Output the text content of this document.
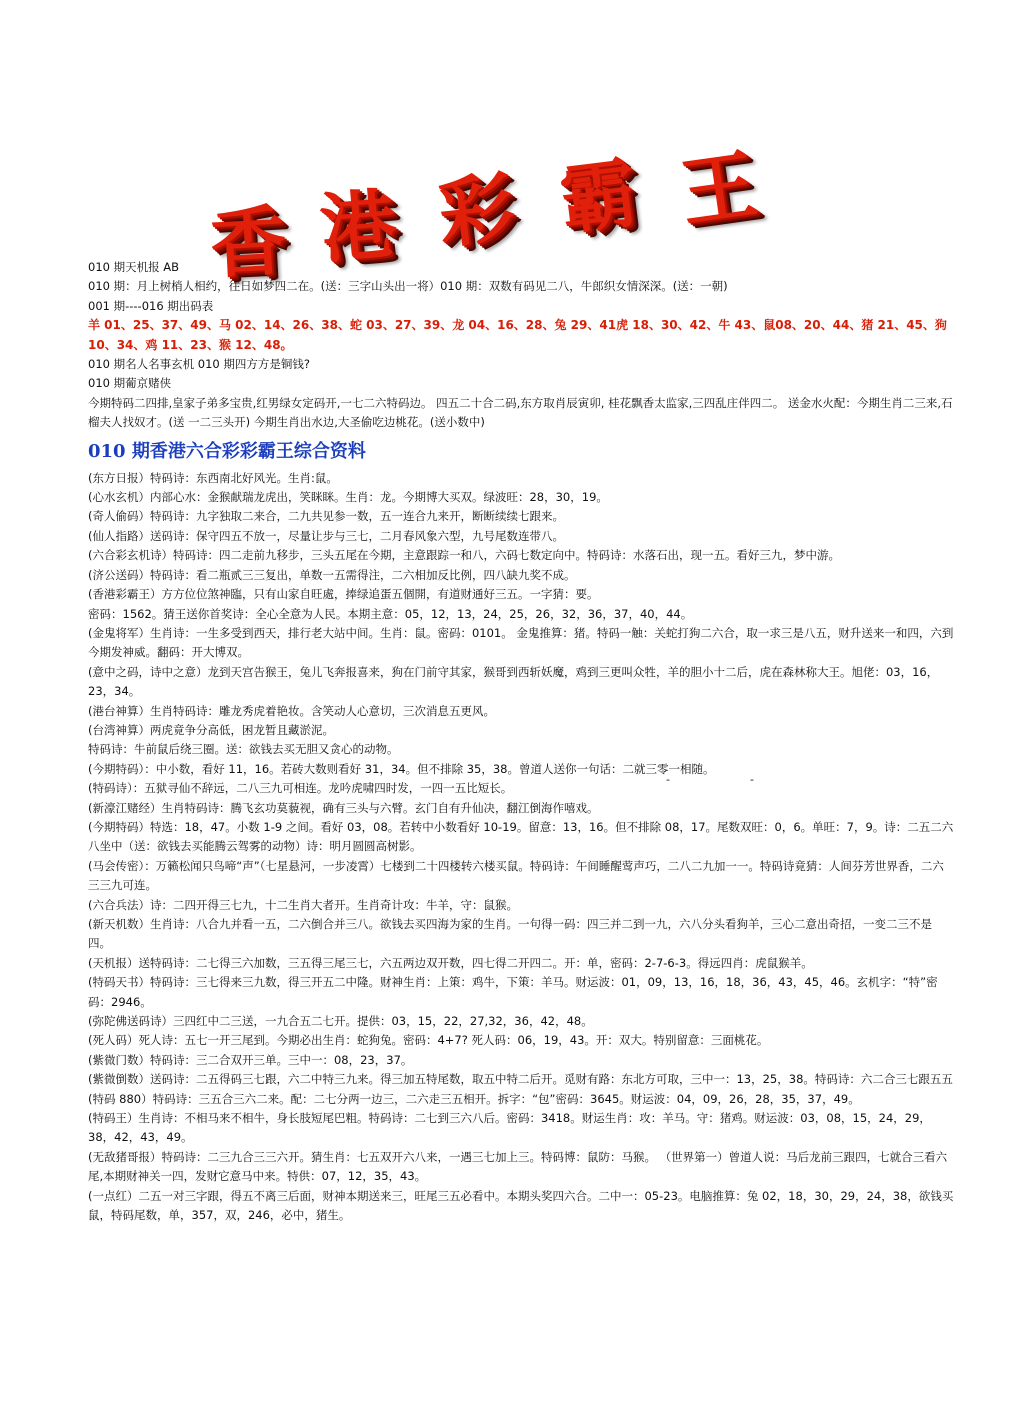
香 港 彩 霸 王
010 期天机报 AB
010 期：月上树梢人相约，往日如梦四二在。(送：三字山头出一将）010 期：双数有码见二八，牛郎织女情深深。(送：一朝)
001 期----016 期出码表
羊 01、25、37、49、马 02、14、26、38、蛇 03、27、39、龙 04、16、28、兔 29、41虎 18、30、42、牛 43、鼠08、20、44、猪 21、45、狗 10、34、鸡 11、23、猴 12、48。
010 期名人名事玄机 010 期四方方是铜钱?
010 期葡京赌侠
今期特码二四排,皇家子弟多宝贵,红男绿女定码开,一七二六特码边。 四五二十合二码,东方取肖辰寅卯, 桂花飘香太监家,三四乱庄伴四二。 送金水火配：今期生肖二三来,石榴夫人找奴才。(送 一二三头开) 今期生肖出水边,大圣偷吃边桃花。(送小数中)
010 期香港六合彩彩霸王综合资料
(东方日报）特码诗：东西南北好风光。生肖:鼠。
(心水玄机）内部心水：金猴献瑞龙虎出，笑眯眯。生肖：龙。今期博大买双。绿波旺：28，30，19。
(奇人偷码）特码诗：九字独取二来合，二九共见参一数，五一连合九来开，断断续续七跟来。
(仙人指路）送码诗：保守四五不放一，尽量让步与三七，二月春风象六型，九号尾数连带八。
(六合彩玄机诗）特码诗：四二走前九移步，三头五尾在今期，主意跟踪一和八，六码七数定向中。特码诗：水落石出，现一五。看好三九，梦中游。
(济公送码）特码诗：看二瓶贰三三复出，单数一五需得注，二六相加反比例，四八缺九奖不成。
(香港彩霸王）方方位位煞神臨，只有山家自旺處，捧绿追蛋五個開，有道财通好三五。一字猜：要。
密码：1562。猜王送你首奖诗：全心全意为人民。本期主意：05，12，13，24，25，26，32，36，37，40，44。
(金鬼将军）生肖诗：一生多受到西天，排行老大站中间。生肖：鼠。密码：0101。 金鬼推算：猪。特码一触：关蛇打狗二六合，取一求三是八五，财升送来一和四，六到今期发神威。翻码：开大博双。
(意中之码，诗中之意）龙到天宫告猴王，兔儿飞奔报喜来，狗在门前守其家，猴哥到西斩妖魔，鸡到三更叫众牲，羊的胆小十二后，虎在森林称大王。旭佬：03，16，23，34。
(港台神算）生肖特码诗：雕龙秀虎着艳妆。含笑动人心意切，三次消息五更风。
(台湾神算）两虎竟争分高低，困龙暂且藏淤泥。
特码诗：牛前鼠后绕三圈。送：欲钱去买无胆又贪心的动物。
(今期特码）：中小数，看好 11，16。若砖大数则看好 31，34。但不排除 35，38。曾道人送你一句话：二就三零一相随。
(特码诗）：五狱寻仙不辞远，二八三九可相连。龙吟虎啸四时发，一四一五比短长。
(新濠江赌经）生肖特码诗：腾飞玄功莫藐视，确有三头与六臂。玄门自有升仙决，翻江倒海作嘻戏。
(今期特码）特选：18，47。小数 1-9 之间。看好 03，08。若转中小数看好 10-19。留意：13，16。但不排除 08，17。尾数双旺：0，6。单旺：7，9。诗：二五二六八坐中（送：欲钱去买能腾云驾雾的动物）诗：明月圆圆高树影。
(马会传密）：万籁松闻只鸟啼“声”（七星悬河，一步凌霄）七楼到二十四楼转六楼买鼠。特码诗：午间睡醒莺声巧，二八二九加一一。特码诗竟猜：人间芬芳世界香，二六三三九可连。
(六合兵法）诗：二四开得三七九，十二生肖大者开。生肖奇计攻：牛羊，守：鼠猴。
(新天机数）生肖诗：八合九并看一五，二六倒合并三八。欲钱去买四海为家的生肖。一句得一码：四三并二到一九，六八分头看狗羊，三心二意出奇招，一变二三不是四。
(天机报）送特码诗：二七得三六加数，三五得三尾三七，六五两边双开数，四七得二开四二。开：单，密码：2-7-6-3。得远四肖：虎鼠猴羊。
(特码天书）特码诗：三七得来三九数，得三开五二中隆。财神生肖：上策：鸡牛，下策：羊马。财运波：01，09，13，16，18，36，43，45，46。玄机字：“特”密码：2946。
(弥陀佛送码诗）三四红中二三送，一九合五二七开。提供：03，15，22，27,32，36，42，48。
(死人码）死人诗：五七一开三尾到。今期必出生肖：蛇狗兔。密码：4+7? 死人码：06，19，43。开：双大。特别留意：三面桃花。
(紫微门数）特码诗：三二合双开三单。三中一：08，23，37。
(紫微倒数）送码诗：二五得码三七跟，六二中特三九来。得三加五特尾数，取五中特二后开。觅财有路：东北方可取，三中一：13，25，38。特码诗：六二合三七跟五五
(特码 880）特码诗：三五合三六二来。配：二七分两一边三，二六走三五相开。拆字：“包”密码：3645。财运波：04，09，26，28，35，37，49。
(特码王）生肖诗：不相马来不相牛，身长肢短尾巴粗。特码诗：二七到三六八后。密码：3418。财运生肖：攻：羊马。守：猪鸡。财运波：03，08，15，24，29，38，42，43，49。
(无敌猪哥报）特码诗：二三九合三三六开。猜生肖：七五双开六八来，一遇三七加上三。特码博：鼠防：马猴。 （世界第一）曾道人说：马后龙前三跟四，七就合三看六尾,本期财神关一四，发财它意马中来。特供：07，12，35，43。
(一点红）二五一对三字跟，得五不离三后面，财神本期送来三，旺尾三五必看中。本期头奖四六合。二中一：05-23。电脑推算：兔 02，18，30，29，24，38，欲钱买鼠，特码尾数，单，357，双，246，必中，猪生。
-	-
